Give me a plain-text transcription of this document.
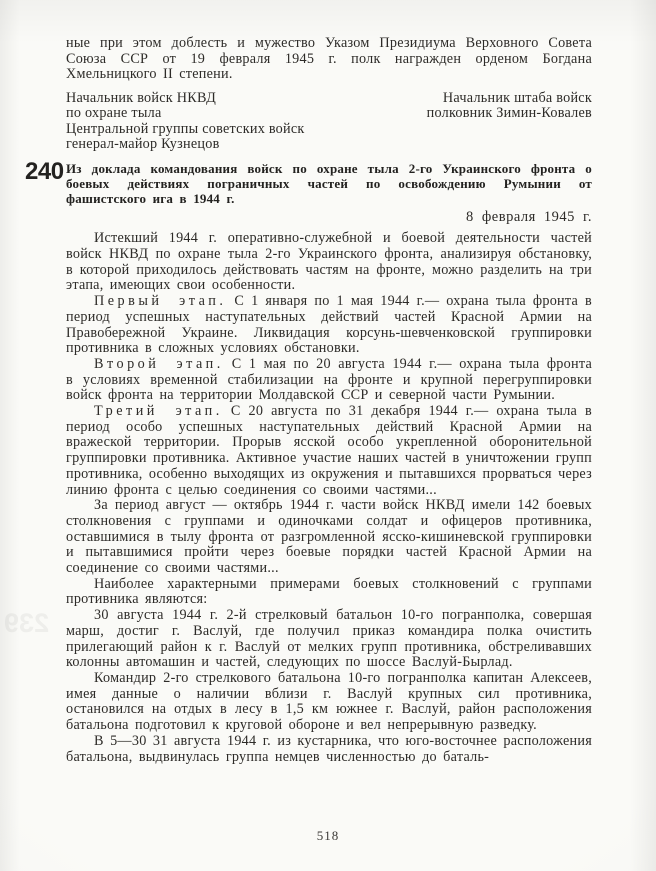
239

ные при этом доблесть и мужество Указом Президиума Верховного Совета Союза ССР от 19 февраля 1945 г. полк награжден орденом Богдана Хмельницкого II степени.

Начальник войск НКВД
по охране тыла
Центральной группы советских войск
генерал-майор Кузнецов
Начальник штаба войск
полковник Зимин-Ковалев
240 Из доклада командования войск по охране тыла 2-го Украинского фронта о боевых действиях пограничных частей по освобождению Румынии от фашистского ига в 1944 г.
8 февраля 1945 г.

Истекший 1944 г. оперативно-служебной и боевой деятельности частей войск НКВД по охране тыла 2-го Украинского фронта, анализируя обстановку, в которой приходилось действовать частям на фронте, можно разделить на три этапа, имеющих свои особенности.

Первый этап. С 1 января по 1 мая 1944 г.— охрана тыла фронта в период успешных наступательных действий частей Красной Армии на Правобережной Украине. Ликвидация корсунь-шевченковской группировки противника в сложных условиях обстановки.

Второй этап. С 1 мая по 20 августа 1944 г.— охрана тыла фронта в условиях временной стабилизации на фронте и крупной перегруппировки войск фронта на территории Молдавской ССР и северной части Румынии.

Третий этап. С 20 августа по 31 декабря 1944 г.— охрана тыла в период особо успешных наступательных действий Красной Армии на вражеской территории. Прорыв ясской особо укрепленной оборонительной группировки противника. Активное участие наших частей в уничтожении групп противника, особенно выходящих из окружения и пытавшихся прорваться через линию фронта с целью соединения со своими частями...

За период август — октябрь 1944 г. части войск НКВД имели 142 боевых столкновения с группами и одиночками солдат и офицеров противника, оставшимися в тылу фронта от разгромленной ясско-кишиневской группировки и пытавшимися пройти через боевые порядки частей Красной Армии на соединение со своими частями...

Наиболее характерными примерами боевых столкновений с группами противника являются:

30 августа 1944 г. 2-й стрелковый батальон 10-го погранполка, совершая марш, достиг г. Васлуй, где получил приказ командира полка очистить прилегающий район к г. Васлуй от мелких групп противника, обстреливавших колонны автомашин и частей, следующих по шоссе Васлуй-Бырлад.

Командир 2-го стрелкового батальона 10-го погранполка капитан Алексеев, имея данные о наличии вблизи г. Васлуй крупных сил противника, остановился на отдых в лесу в 1,5 км южнее г. Васлуй, район расположения батальона подготовил к круговой обороне и вел непрерывную разведку.

В 5—30 31 августа 1944 г. из кустарника, что юго-восточнее расположения батальона, выдвинулась группа немцев численностью до баталь-

518
